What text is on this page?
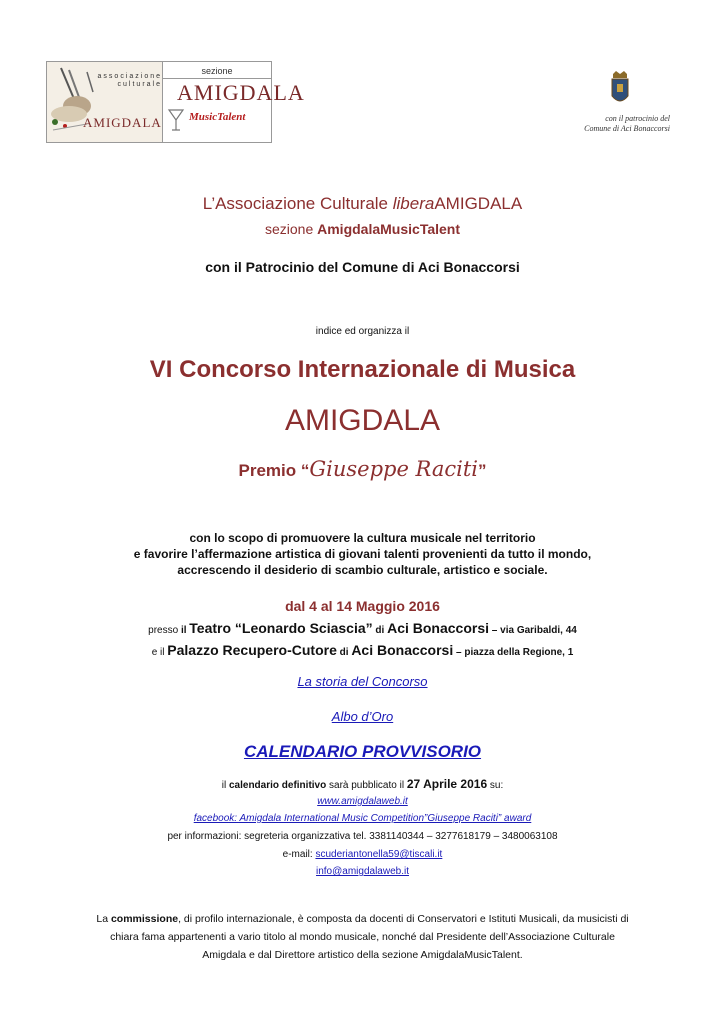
associazione culturale
AMIGDALA
sezione
AMIGDALA
MusicTalent	con il patrocinio del
Comune di Aci Bonaccorsi
L’Associazione Culturale liberaAMIGDALA
sezione AmigdalaMusicTalent
con il Patrocinio del Comune di Aci Bonaccorsi
indice ed organizza il
VI Concorso Internazionale di Musica
AMIGDALA
Premio “Giuseppe Raciti”
con lo scopo di promuovere la cultura musicale nel territorio
e favorire l’affermazione artistica di giovani talenti provenienti da tutto il mondo,
accrescendo il desiderio di scambio culturale, artistico e sociale.
dal 4 al 14 Maggio 2016
presso il Teatro “Leonardo Sciascia” di Aci Bonaccorsi – via Garibaldi, 44
e il Palazzo Recupero-Cutore di Aci Bonaccorsi – piazza della Regione, 1
La storia del Concorso
Albo d’Oro
CALENDARIO PROVVISORIO
il calendario definitivo sarà pubblicato il 27 Aprile 2016 su:
www.amigdalaweb.it
facebook: Amigdala International Music Competition”Giuseppe Raciti” award
per informazioni: segreteria organizzativa tel. 3381140344 – 3277618179 – 3480063108
e-mail: scuderiantonella59@tiscali.it
info@amigdalaweb.it
La commissione, di profilo internazionale, è composta da docenti di Conservatori e Istituti Musicali, da musicisti di
chiara fama appartenenti a vario titolo al mondo musicale, nonché dal Presidente dell’Associazione Culturale
Amigdala e dal Direttore artistico della sezione AmigdalaMusicTalent.
